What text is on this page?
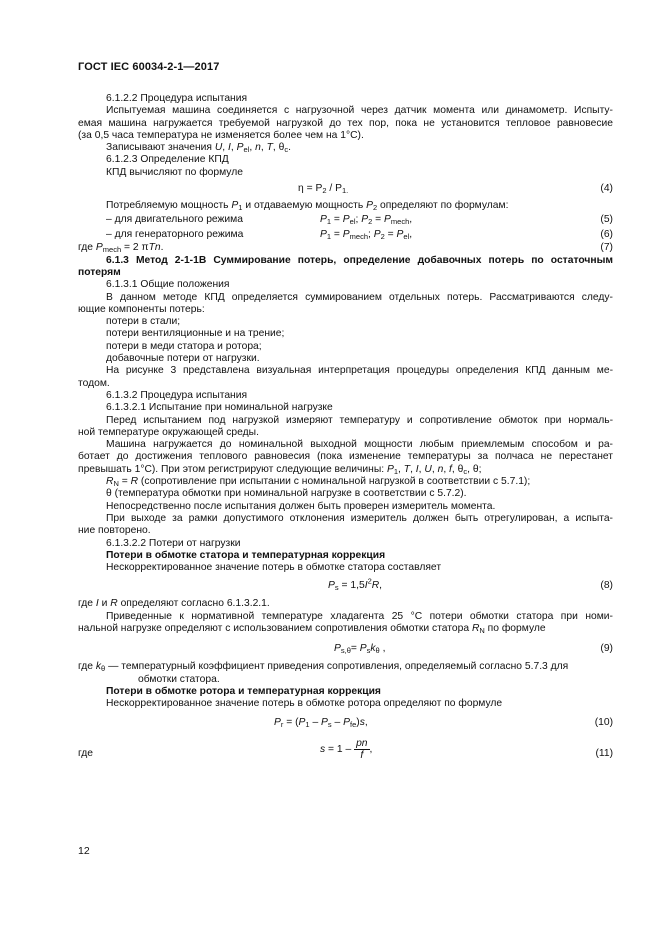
ГОСТ IEC 60034-2-1—2017
6.1.2.2 Процедура испытания
Испытуемая машина соединяется с нагрузочной через датчик момента или динамометр. Испыту-
емая машина нагружается требуемой нагрузкой до тех пор, пока не установится тепловое равновесие
(за 0,5 часа температура не изменяется более чем на 1°С).
Записывают значения U, I, $P_{el}$, n, T, $\theta_c$.
6.1.2.3 Определение КПД
КПД вычисляют по формуле
$\eta = P_2 / P_{1.}$	(4)
Потребляемую мощность $P_1$ и отдаваемую мощность $P_2$ определяют по формулам:
– для двигательного режима	$P_1 = P_{el}$; $P_2 = P_{mech}$,	(5)
– для генераторного режима	$P_1 = P_{mech}$; $P_2 = P_{el}$,	(6)
где $P_{mech} = 2$ πTn.	(7)
6.1.3 Метод 2-1-1В Суммирование потерь, определение добавочных потерь по остаточным
потерям
6.1.3.1 Общие положения
В данном методе КПД определяется суммированием отдельных потерь. Рассматриваются следу-
ющие компоненты потерь:
потери в стали;
потери вентиляционные и на трение;
потери в меди статора и ротора;
добавочные потери от нагрузки.
На рисунке 3 представлена визуальная интерпретация процедуры определения КПД данным ме-
тодом.
6.1.3.2 Процедура испытания
6.1.3.2.1 Испытание при номинальной нагрузке
Перед испытанием под нагрузкой измеряют температуру и сопротивление обмоток при нормаль-
ной температуре окружающей среды.
Машина нагружается до номинальной выходной мощности любым приемлемым способом и ра-
ботает до достижения теплового равновесия (пока изменение температуры за полчаса не перестанет
превышать 1°С). При этом регистрируют следующие величины: $P_1$, T, I, U, n, f, $\theta_c$, θ;
$R_N = R$ (сопротивление при испытании с номинальной нагрузкой в соответствии с 5.7.1);
θ (температура обмотки при номинальной нагрузке в соответствии с 5.7.2).
Непосредственно после испытания должен быть проверен измеритель момента.
При выходе за рамки допустимого отклонения измеритель должен быть отрегулирован, а испыта-
ние повторено.
6.1.3.2.2 Потери от нагрузки
Потери в обмотке статора и температурная коррекция
Нескорректированное значение потерь в обмотке статора составляет
$P_s = 1,5I^2R$,	(8)
где I и R определяют согласно 6.1.3.2.1.
Приведенные к нормативной температуре хладагента 25 °С потери обмотки статора при номи-
нальной нагрузке определяют с использованием сопротивления обмотки статора $R_N$ по формуле
$P_{s,\theta}= P_sk_\theta$ ,	(9)
где $k_\theta$ — температурный коэффициент приведения сопротивления, определяемый согласно 5.7.3 для
обмотки статора.
Потери в обмотке ротора и температурная коррекция
Нескорректированное значение потерь в обмотке ротора определяют по формуле
$P_r = (P_1 - P_s - P_{fe})s$,	(10)
где	$s = 1 - \frac{pn}{f}$ ,	(11)
12
